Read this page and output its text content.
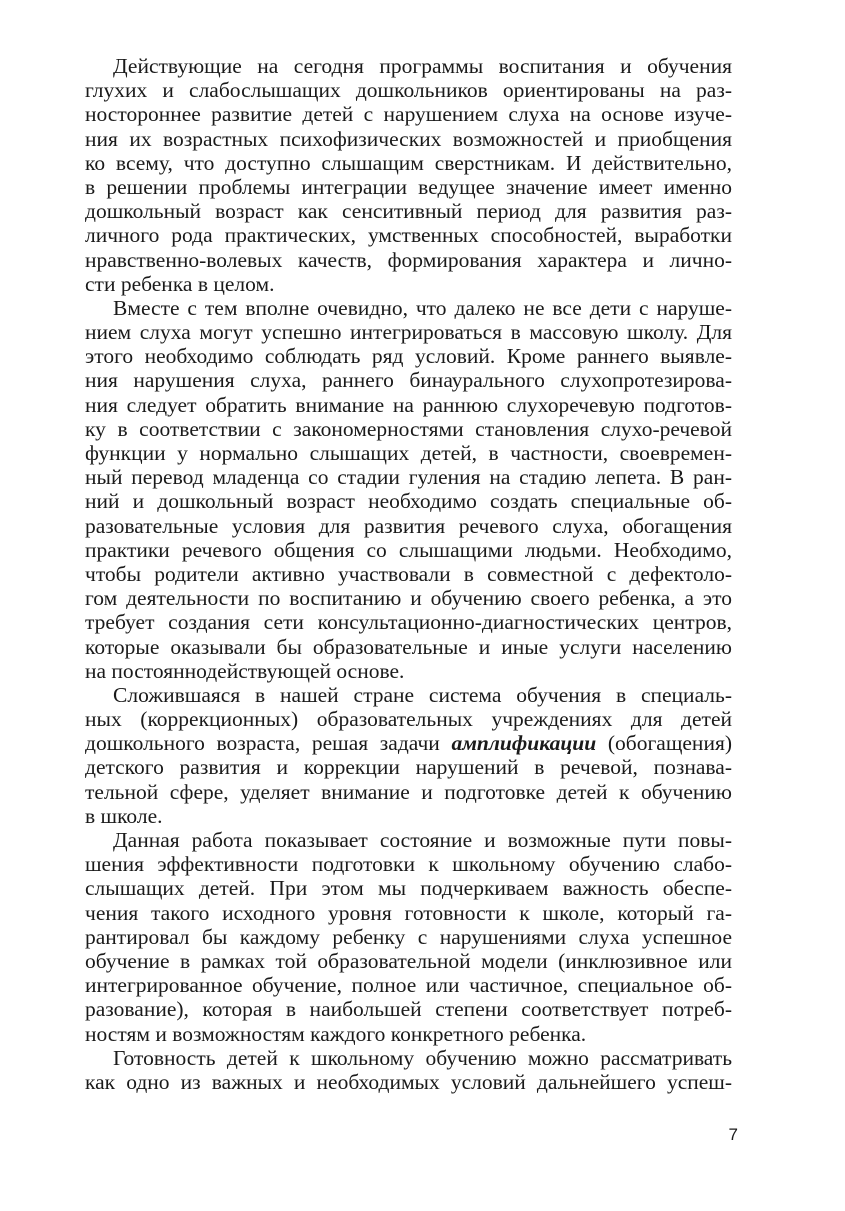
Действующие на сегодня программы воспитания и обучения
глухих и слабослышащих дошкольников ориентированы на раз-
ностороннее развитие детей с нарушением слуха на основе изуче-
ния их возрастных психофизических возможностей и приобщения
ко всему, что доступно слышащим сверстникам. И действительно,
в решении проблемы интеграции ведущее значение имеет именно
дошкольный возраст как сенситивный период для развития раз-
личного рода практических, умственных способностей, выработки
нравственно-волевых качеств, формирования характера и лично-
сти ребенка в целом.
Вместе с тем вполне очевидно, что далеко не все дети с наруше-
нием слуха могут успешно интегрироваться в массовую школу. Для
этого необходимо соблюдать ряд условий. Кроме раннего выявле-
ния нарушения слуха, раннего бинаурального слухопротезирова-
ния следует обратить внимание на раннюю слухоречевую подготов-
ку в соответствии с закономерностями становления слухо-речевой
функции у нормально слышащих детей, в частности, своевремен-
ный перевод младенца со стадии гуления на стадию лепета. В ран-
ний и дошкольный возраст необходимо создать специальные об-
разовательные условия для развития речевого слуха, обогащения
практики речевого общения со слышащими людьми. Необходимо,
чтобы родители активно участвовали в совместной с дефектоло-
гом деятельности по воспитанию и обучению своего ребенка, а это
требует создания сети консультационно-диагностических центров,
которые оказывали бы образовательные и иные услуги населению
на постояннодействующей основе.
Сложившаяся в нашей стране система обучения в специаль-
ных (коррекционных) образовательных учреждениях для детей
дошкольного возраста, решая задачи амплификации (обогащения)
детского развития и коррекции нарушений в речевой, познава-
тельной сфере, уделяет внимание и подготовке детей к обучению
в школе.
Данная работа показывает состояние и возможные пути повы-
шения эффективности подготовки к школьному обучению слабо-
слышащих детей. При этом мы подчеркиваем важность обеспе-
чения такого исходного уровня готовности к школе, который га-
рантировал бы каждому ребенку с нарушениями слуха успешное
обучение в рамках той образовательной модели (инклюзивное или
интегрированное обучение, полное или частичное, специальное об-
разование), которая в наибольшей степени соответствует потреб-
ностям и возможностям каждого конкретного ребенка.
Готовность детей к школьному обучению можно рассматривать
как одно из важных и необходимых условий дальнейшего успеш-
7
